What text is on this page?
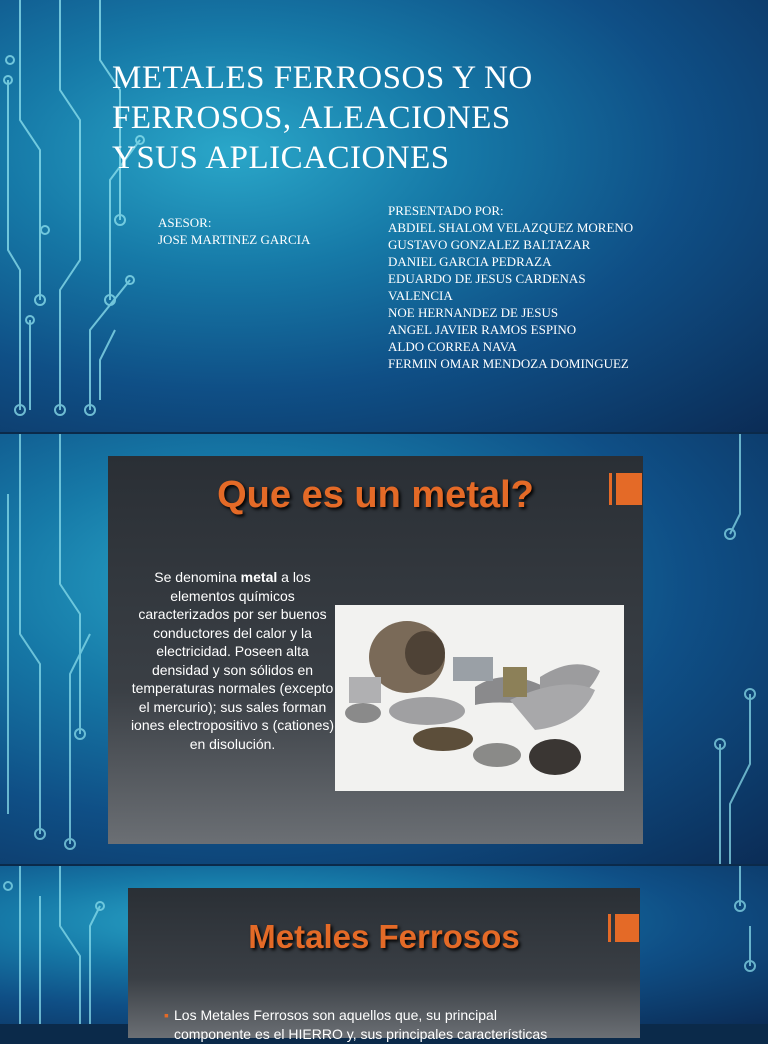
METALES FERROSOS Y NO FERROSOS, ALEACIONES YSUS APLICACIONES
ASESOR:
JOSE MARTINEZ GARCIA
PRESENTADO POR:
ABDIEL SHALOM VELAZQUEZ MORENO
GUSTAVO GONZALEZ BALTAZAR
DANIEL GARCIA PEDRAZA
EDUARDO DE JESUS CARDENAS
VALENCIA
NOE HERNANDEZ DE JESUS
ANGEL JAVIER RAMOS ESPINO
ALDO CORREA NAVA
FERMIN OMAR MENDOZA DOMINGUEZ
Que es un metal?
Se denomina metal a los elementos químicos caracterizados por ser buenos conductores del calor y la electricidad. Poseen alta densidad y son sólidos en temperaturas normales (excepto el mercurio); sus sales forman iones electropositivo s (cationes) en disolución.
Metales Ferrosos
▪ Los Metales Ferrosos son aquellos que, su principal
componente es el HIERRO y, sus principales características
